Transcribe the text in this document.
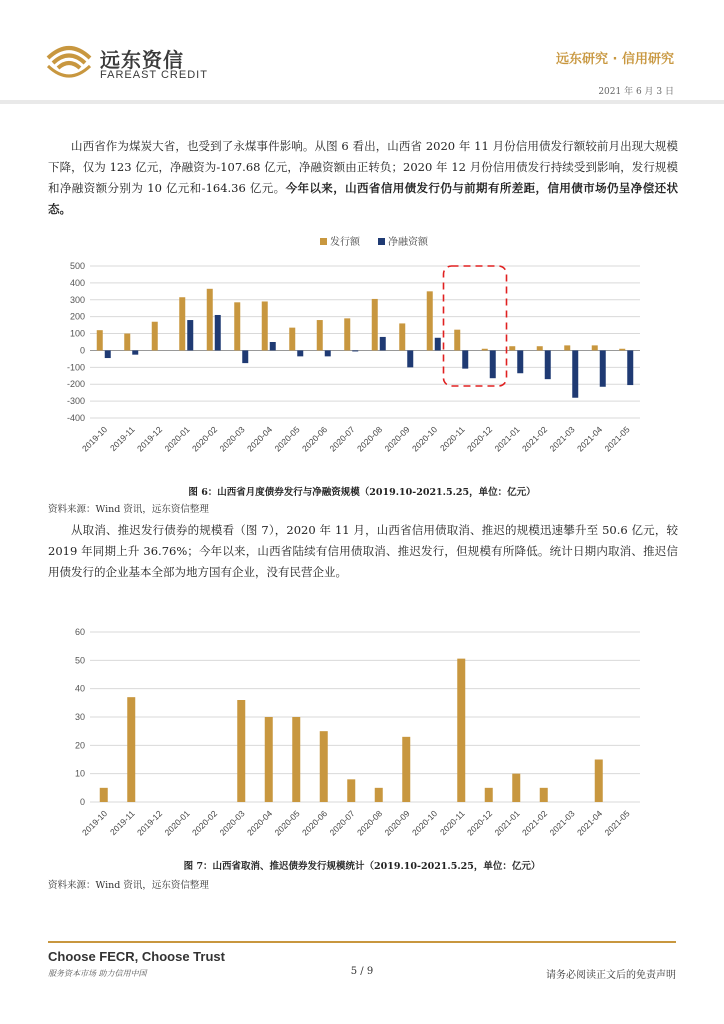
远东资信
FAREAST CREDIT
远东研究 · 信用研究
2021 年 6 月 3 日

山西省作为煤炭大省，也受到了永煤事件影响。从图 6 看出，山西省 2020 年 11 月份信用债发行额较前月出现大规模下降，仅为 123 亿元，净融资为-107.68 亿元，净融资额由正转负；2020 年 12 月份信用债发行持续受到影响，发行规模和净融资额分别为 10 亿元和-164.36 亿元。今年以来，山西省信用债发行仍与前期有所差距，信用债市场仍呈净偿还状态。

-400
-300
-200
-100
0
100
200
300
400
500
发行额	净融资额
2019-10
2019-11
2019-12
2020-01
2020-02
2020-03
2020-04
2020-05
2020-06
2020-07
2020-08
2020-09
2020-10
2020-11
2020-12
2021-01
2021-02
2021-03
2021-04
2021-05
图 6：山西省月度债券发行与净融资规模（2019.10-2021.5.25，单位：亿元）
资料来源：Wind 资讯，远东资信整理

从取消、推迟发行债券的规模看（图 7），2020 年 11 月，山西省信用债取消、推迟的规模迅速攀升至 50.6 亿元，较 2019 年同期上升 36.76%；今年以来，山西省陆续有信用债取消、推迟发行，但规模有所降低。统计日期内取消、推迟信用债发行的企业基本全部为地方国有企业，没有民营企业。

0
10
20
30
40
50
60
2019-10
2019-11
2019-12
2020-01
2020-02
2020-03
2020-04
2020-05
2020-06
2020-07
2020-08
2020-09
2020-10
2020-11
2020-12
2021-01
2021-02
2021-03
2021-04
2021-05
图 7：山西省取消、推迟债券发行规模统计（2019.10-2021.5.25，单位：亿元）
资料来源：Wind 资讯，远东资信整理
Choose FECR, Choose Trust
服务资本市场 助力信用中国	5 / 9	请务必阅读正文后的免责声明
